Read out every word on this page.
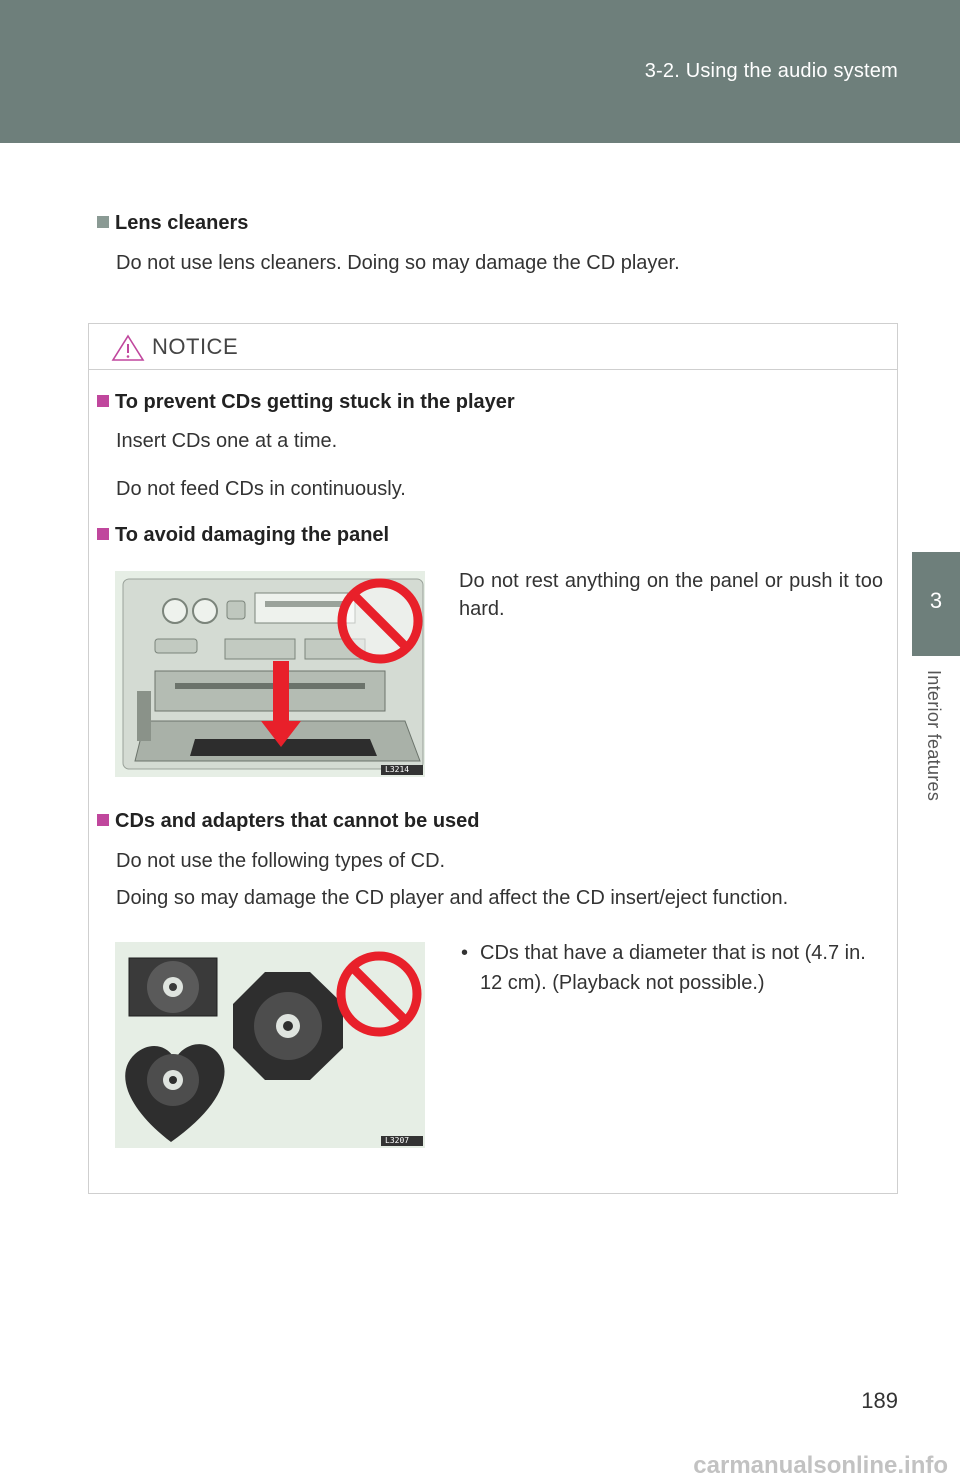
3-2. Using the audio system
3
Interior features
Lens cleaners
Do not use lens cleaners. Doing so may damage the CD player.
NOTICE
To prevent CDs getting stuck in the player
Insert CDs one at a time.
Do not feed CDs in continuously.
To avoid damaging the panel
L3214
Do not rest anything on the panel or push it too hard.
CDs and adapters that cannot be used
Do not use the following types of CD.
Doing so may damage the CD player and affect the CD insert/eject function.
L3207
• CDs that have a diameter that is not (4.7 in. 12 cm). (Playback not possible.)
189
carmanualsonline.info
